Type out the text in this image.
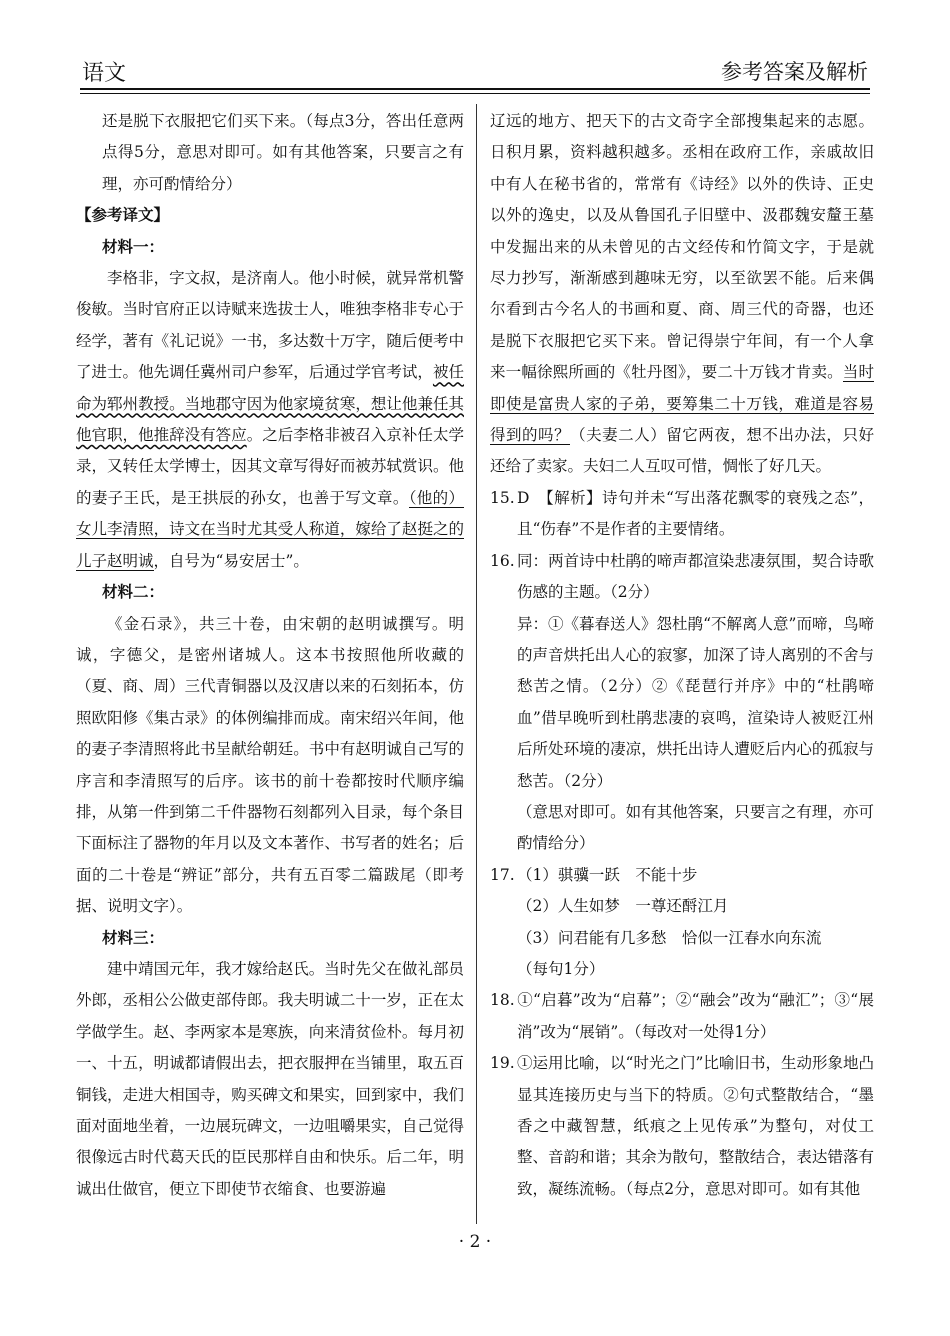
语文	参考答案及解析

还是脱下衣服把它们买下来。（每点3分，答出任意两点得5分，意思对即可。如有其他答案，只要言之有理，亦可酌情给分）

【参考译文】

材料一：

李格非，字文叔，是济南人。他小时候，就异常机警俊敏。当时官府正以诗赋来选拔士人，唯独李格非专心于经学，著有《礼记说》一书，多达数十万字，随后便考中了进士。他先调任冀州司户参军，后通过学官考试，被任命为郓州教授。当地郡守因为他家境贫寒，想让他兼任其他官职，他推辞没有答应。之后李格非被召入京补任太学录，又转任太学博士，因其文章写得好而被苏轼赏识。他的妻子王氏，是王拱辰的孙女，也善于写文章。（他的）女儿李清照，诗文在当时尤其受人称道，嫁给了赵挺之的儿子赵明诚，自号为“易安居士”。

材料二：

《金石录》，共三十卷，由宋朝的赵明诚撰写。明诚，字德父，是密州诸城人。这本书按照他所收藏的（夏、商、周）三代青铜器以及汉唐以来的石刻拓本，仿照欧阳修《集古录》的体例编排而成。南宋绍兴年间，他的妻子李清照将此书呈献给朝廷。书中有赵明诚自己写的序言和李清照写的后序。该书的前十卷都按时代顺序编排，从第一件到第二千件器物石刻都列入目录，每个条目下面标注了器物的年月以及文本著作、书写者的姓名；后面的二十卷是“辨证”部分，共有五百零二篇跋尾（即考据、说明文字）。

材料三：

建中靖国元年，我才嫁给赵氏。当时先父在做礼部员外郎，丞相公公做吏部侍郎。我夫明诚二十一岁，正在太学做学生。赵、李两家本是寒族，向来清贫俭朴。每月初一、十五，明诚都请假出去，把衣服押在当铺里，取五百铜钱，走进大相国寺，购买碑文和果实，回到家中，我们面对面地坐着，一边展玩碑文，一边咀嚼果实，自己觉得很像远古时代葛天氏的臣民那样自由和快乐。后二年，明诚出仕做官，便立下即使节衣缩食、也要游遍

辽远的地方、把天下的古文奇字全部搜集起来的志愿。日积月累，资料越积越多。丞相在政府工作，亲戚故旧中有人在秘书省的，常常有《诗经》以外的佚诗、正史以外的逸史，以及从鲁国孔子旧壁中、汲郡魏安釐王墓中发掘出来的从未曾见的古文经传和竹简文字，于是就尽力抄写，渐渐感到趣味无穷，以至欲罢不能。后来偶尔看到古今名人的书画和夏、商、周三代的奇器，也还是脱下衣服把它买下来。曾记得崇宁年间，有一个人拿来一幅徐熙所画的《牡丹图》，要二十万钱才肯卖。当时即使是富贵人家的子弟，要筹集二十万钱，难道是容易得到的吗？（夫妻二人）留它两夜，想不出办法，只好还给了卖家。夫妇二人互叹可惜，惆怅了好几天。

15. D　【解析】诗句并未“写出落花飘零的衰残之态”，且“伤春”不是作者的主要情绪。

16. 同：两首诗中杜鹃的啼声都渲染悲凄氛围，契合诗歌伤感的主题。（2分）

异：①《暮春送人》怨杜鹃“不解离人意”而啼，鸟啼的声音烘托出人心的寂寥，加深了诗人离别的不舍与愁苦之情。（2分）②《琵琶行并序》中的“杜鹃啼血”借早晚听到杜鹃悲凄的哀鸣，渲染诗人被贬江州后所处环境的凄凉，烘托出诗人遭贬后内心的孤寂与愁苦。（2分）

（意思对即可。如有其他答案，只要言之有理，亦可酌情给分）

17. （1）骐骥一跃　不能十步

（2）人生如梦　一尊还酹江月

（3）问君能有几多愁　恰似一江春水向东流

（每句1分）

18. ①“启暮”改为“启幕”；②“融会”改为“融汇”；③“展消”改为“展销”。（每改对一处得1分）

19. ①运用比喻，以“时光之门”比喻旧书，生动形象地凸显其连接历史与当下的特质。②句式整散结合，“墨香之中藏智慧，纸痕之上见传承”为整句，对仗工整、音韵和谐；其余为散句，整散结合，表达错落有致，凝练流畅。（每点2分，意思对即可。如有其他

· 2 ·
